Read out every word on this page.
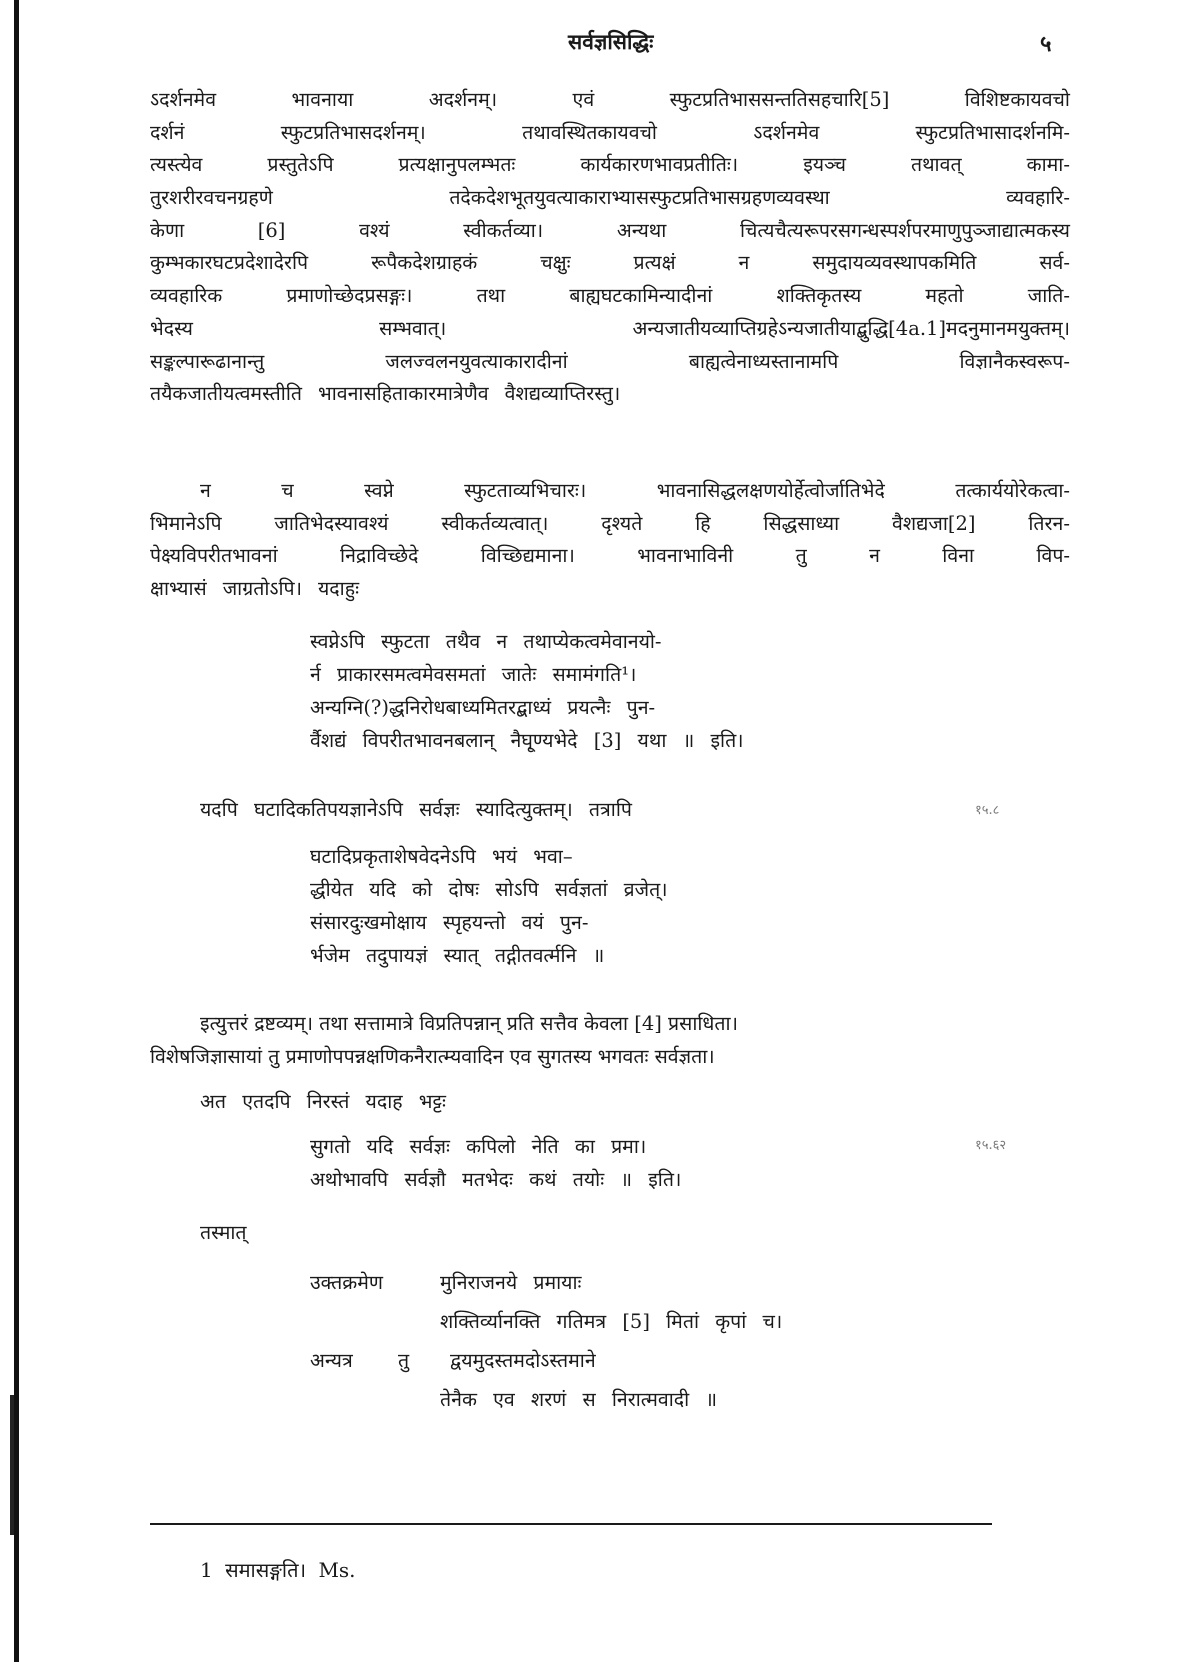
सर्वज्ञसिद्धिः	५
ऽदर्शनमेव	भावनाया	अदर्शनम्।	एवं	स्फुटप्रतिभाससन्ततिसहचारि[5]	विशिष्टकायवचो
दर्शनं	स्फुटप्रतिभासदर्शनम्।	तथावस्थितकायवचो	ऽदर्शनमेव	स्फुटप्रतिभासादर्शनमि-
त्यस्त्येव	प्रस्तुतेऽपि	प्रत्यक्षानुपलम्भतः	कार्यकारणभावप्रतीतिः।	इयञ्च	तथावत्	कामा-
तुरशरीरवचनग्रहणे	तदेकदेशभूतयुवत्याकाराभ्यासस्फुटप्रतिभासग्रहणव्यवस्था	व्यवहारि-
केणा	[6]	वश्यं	स्वीकर्तव्या।	अन्यथा	चित्यचैत्यरूपरसगन्धस्पर्शपरमाणुपुञ्जाद्यात्मकस्य
कुम्भकारघटप्रदेशादेरपि	रूपैकदेशग्राहकं	चक्षुः	प्रत्यक्षं	न	समुदायव्यवस्थापकमिति	सर्व-
व्यवहारिक	प्रमाणोच्छेदप्रसङ्गः।	तथा	बाह्यघटकामिन्यादीनां	शक्तिकृतस्य	महतो	जाति-
भेदस्य	सम्भवात्।	अन्यजातीयव्याप्तिग्रहेऽन्यजातीयाद्बुद्धि[4a.1]मदनुमानमयुक्तम्।
सङ्कल्पारूढानान्तु	जलज्वलनयुवत्याकारादीनां	बाह्यत्वेनाध्यस्तानामपि	विज्ञानैकस्वरूप-
तयैकजातीयत्वमस्तीति भावनासहिताकारमात्रेणैव वैशद्यव्याप्तिरस्तु।
न	च	स्वप्ने	स्फुटताव्यभिचारः।	भावनासिद्धलक्षणयोर्हेत्वोर्जातिभेदे	तत्कार्ययोरेकत्वा-
भिमानेऽपि	जातिभेदस्यावश्यं	स्वीकर्तव्यत्वात्।	दृश्यते	हि	सिद्धसाध्या	वैशद्यजा[2]	तिरन-
पेक्ष्यविपरीतभावनां	निद्राविच्छेदे	विच्छिद्यमाना।	भावनाभाविनी	तु	न	विना	विप-
क्षाभ्यासं जाग्रतोऽपि। यदाहुः
स्वप्नेऽपि स्फुटता तथैव न तथाप्येकत्वमेवानयो-
र्न प्राकारसमत्वमेवसमतां जातेः समामंगति¹।
अन्यग्नि(?)द्धनिरोधबाध्यमितरद्बाध्यं प्रयत्नैः पुन-
र्वैशद्यं विपरीतभावनबलान् नैघृ्ण्यभेदे [3] यथा ॥ इति।
यदपि घटादिकतिपयज्ञानेऽपि सर्वज्ञः स्यादित्युक्तम्। तत्रापि	१५.८
घटादिप्रकृताशेषवेदनेऽपि भयं भवा–
द्धीयेत यदि को दोषः सोऽपि सर्वज्ञतां व्रजेत्।
संसारदुःखमोक्षाय स्पृहयन्तो वयं पुन-
र्भजेम तदुपायज्ञं स्यात् तद्गीतवर्त्मनि ॥
इत्युत्तरं द्रष्टव्यम्। तथा सत्तामात्रे विप्रतिपन्नान् प्रति सत्तैव केवला [4] प्रसाधिता।
विशेषजिज्ञासायां तु प्रमाणोपपन्नक्षणिकनैरात्म्यवादिन एव सुगतस्य भगवतः सर्वज्ञता।
अत एतदपि निरस्तं यदाह भट्टः
सुगतो यदि सर्वज्ञः कपिलो नेति का प्रमा।
अथोभावपि सर्वज्ञौ मतभेदः कथं तयोः ॥ इति।
१५.६२
तस्मात्
उक्तक्रमेण	मुनिराजनये प्रमायाः
शक्तिर्व्यानक्ति गतिमत्र [5] मितां कृपां च।
अन्यत्र तु द्वयमुदस्तमदोऽस्तमाने
तेनैक एव शरणं स निरात्मवादी ॥
1 समासङ्गति। Ms.
